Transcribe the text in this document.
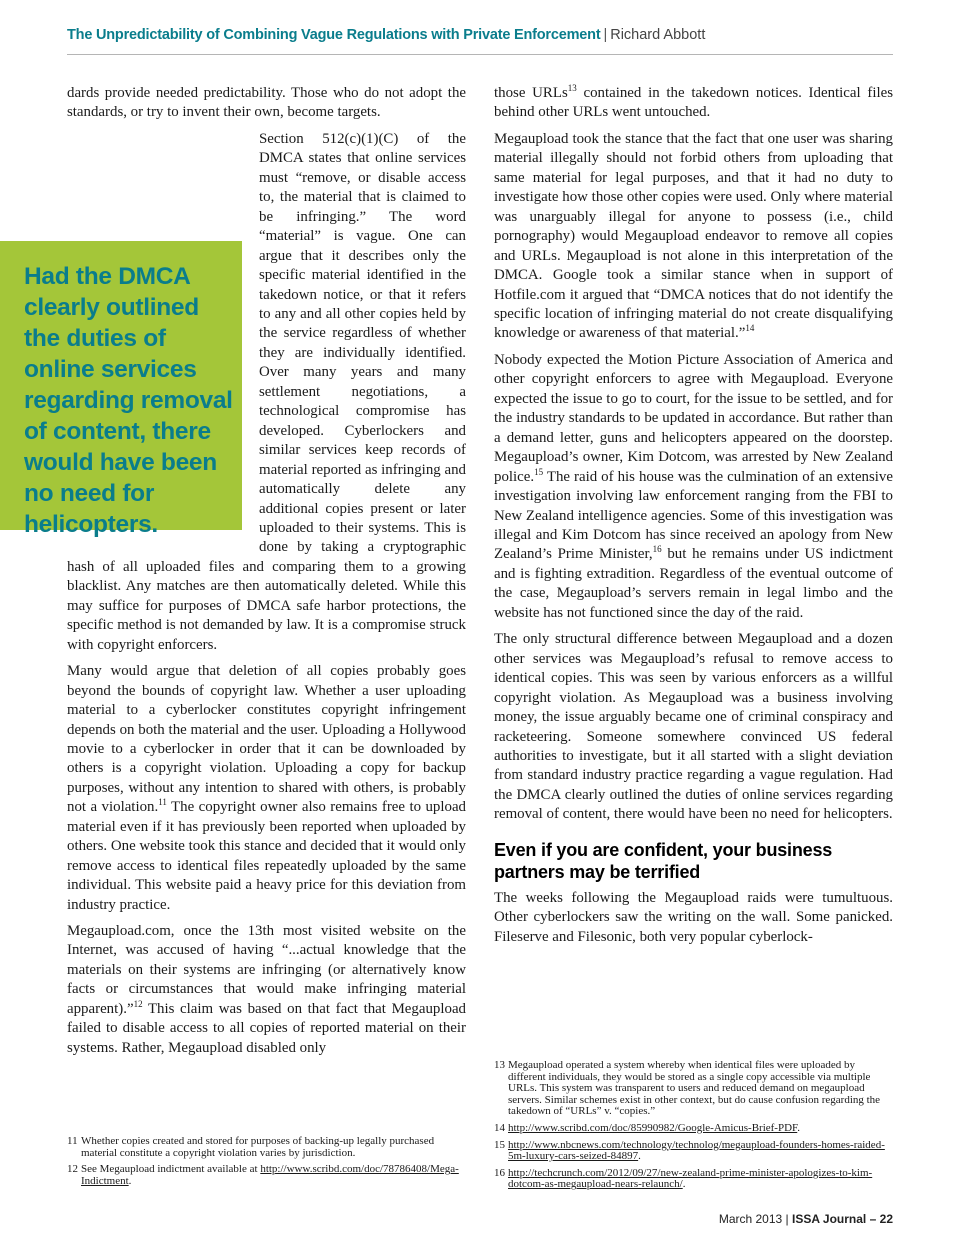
The Unpredictability of Combining Vague Regulations with Private Enforcement | Richard Abbott
Had the DMCA clearly outlined the duties of online services regarding removal of content, there would have been no need for helicopters.

dards provide needed predictability. Those who do not adopt the standards, or try to invent their own, become targets.

Section 512(c)(1)(C) of the DMCA states that online services must “remove, or disable access to, the material that is claimed to be infringing.” The word “material” is vague. One can argue that it describes only the specific material identified in the takedown notice, or that it refers to any and all other copies held by the service regardless of whether they are individually identified. Over many years and many settlement negotiations, a technological compromise has developed. Cyberlockers and similar services keep records of material reported as infringing and automatically delete any additional copies present or later uploaded to their systems. This is done by taking a cryptographic hash of all uploaded files and comparing them to a growing blacklist. Any matches are then automatically deleted. While this may suffice for purposes of DMCA safe harbor protections, the specific method is not demanded by law. It is a compromise struck with copyright enforcers.

Many would argue that deletion of all copies probably goes beyond the bounds of copyright law. Whether a user uploading material to a cyberlocker constitutes copyright infringement depends on both the material and the user. Uploading a Hollywood movie to a cyberlocker in order that it can be downloaded by others is a copyright violation. Uploading a copy for backup purposes, without any intention to shared with others, is probably not a violation.$^{11}$ The copyright owner also remains free to upload material even if it has previously been reported when uploaded by others. One website took this stance and decided that it would only remove access to identical files repeatedly uploaded by the same individual. This website paid a heavy price for this deviation from industry practice.

Megaupload.com, once the 13th most visited website on the Internet, was accused of having “...actual knowledge that the materials on their systems are infringing (or alternatively know facts or circumstances that would make infringing material apparent).”$^{12}$ This claim was based on that fact that Megaupload failed to disable access to all copies of reported material on their systems. Rather, Megaupload disabled only

those URLs$^{13}$ contained in the takedown notices. Identical files behind other URLs went untouched.

Megaupload took the stance that the fact that one user was sharing material illegally should not forbid others from uploading that same material for legal purposes, and that it had no duty to investigate how those other copies were used. Only where material was unarguably illegal for anyone to possess (i.e., child pornography) would Megaupload endeavor to remove all copies and URLs. Megaupload is not alone in this interpretation of the DMCA. Google took a similar stance when in support of Hotfile.com it argued that “DMCA notices that do not identify the specific location of infringing material do not create disqualifying knowledge or awareness of that material.”$^{14}$

Nobody expected the Motion Picture Association of America and other copyright enforcers to agree with Megaupload. Everyone expected the issue to go to court, for the issue to be settled, and for the industry standards to be updated in accordance. But rather than a demand letter, guns and helicopters appeared on the doorstep. Megaupload’s owner, Kim Dotcom, was arrested by New Zealand police.$^{15}$ The raid of his house was the culmination of an extensive investigation involving law enforcement ranging from the FBI to New Zealand intelligence agencies. Some of this investigation was illegal and Kim Dotcom has since received an apology from New Zealand’s Prime Minister,$^{16}$ but he remains under US indictment and is fighting extradition. Regardless of the eventual outcome of the case, Megaupload’s servers remain in legal limbo and the website has not functioned since the day of the raid.

The only structural difference between Megaupload and a dozen other services was Megaupload’s refusal to remove access to identical copies. This was seen by various enforcers as a willful copyright violation. As Megaupload was a business involving money, the issue arguably became one of criminal conspiracy and racketeering. Someone somewhere convinced US federal authorities to investigate, but it all started with a slight deviation from standard industry practice regarding a vague regulation. Had the DMCA clearly outlined the duties of online services regarding removal of content, there would have been no need for helicopters.

Even if you are confident, your business partners may be terrified

The weeks following the Megaupload raids were tumultuous. Other cyberlockers saw the writing on the wall. Some panicked. Fileserve and Filesonic, both very popular cyberlock-

11 Whether copies created and stored for purposes of backing-up legally purchased material constitute a copyright violation varies by jurisdiction.
12 See Megaupload indictment available at http://www.scribd.com/doc/78786408/Mega-Indictment.
13 Megaupload operated a system whereby when identical files were uploaded by different individuals, they would be stored as a single copy accessible via multiple URLs. This system was transparent to users and reduced demand on megaupload servers. Similar schemes exist in other context, but do cause confusion regarding the takedown of “URLs” v. “copies.”
14 http://www.scribd.com/doc/85990982/Google-Amicus-Brief-PDF.
15 http://www.nbcnews.com/technology/technolog/megaupload-founders-homes-raided-5m-luxury-cars-seized-84897.
16 http://techcrunch.com/2012/09/27/new-zealand-prime-minister-apologizes-to-kim-dotcom-as-megaupload-nears-relaunch/.
March 2013 | ISSA Journal – 22
